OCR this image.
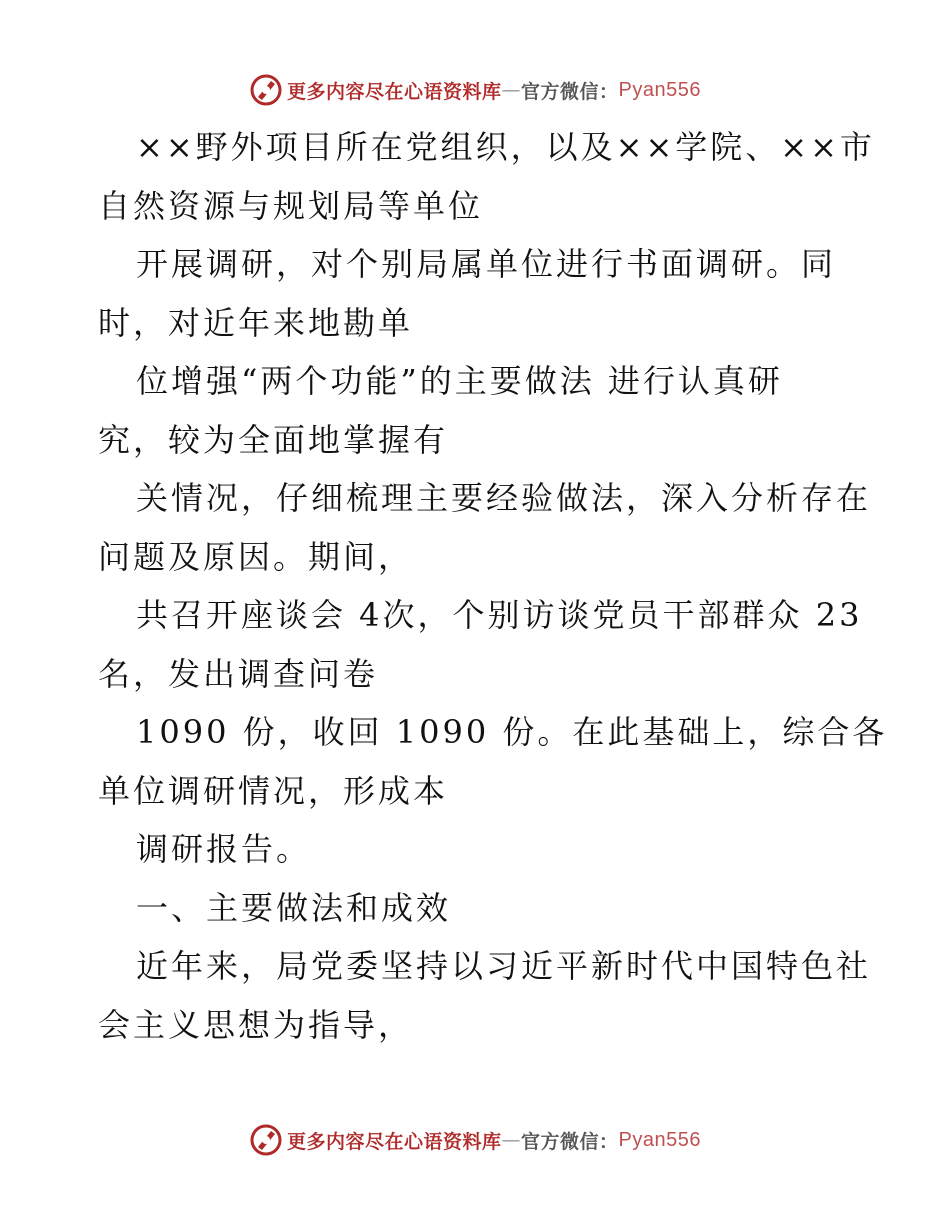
更多内容尽在心语资料库 — 官方微信： Pyan556
××野外项目所在党组织，以及××学院、××市
自然资源与规划局等单位
开展调研，对个别局属单位进行书面调研。同
时，对近年来地勘单
位增强“两个功能”的主要做法 进行认真研
究，较为全面地掌握有
关情况，仔细梳理主要经验做法，深入分析存在
问题及原因。期间，
共召开座谈会 4次，个别访谈党员干部群众 23
名，发出调查问卷
1090 份，收回 1090 份。在此基础上，综合各
单位调研情况，形成本
调研报告。
一、主要做法和成效
近年来，局党委坚持以习近平新时代中国特色社
会主义思想为指导，
更多内容尽在心语资料库 — 官方微信： Pyan556
